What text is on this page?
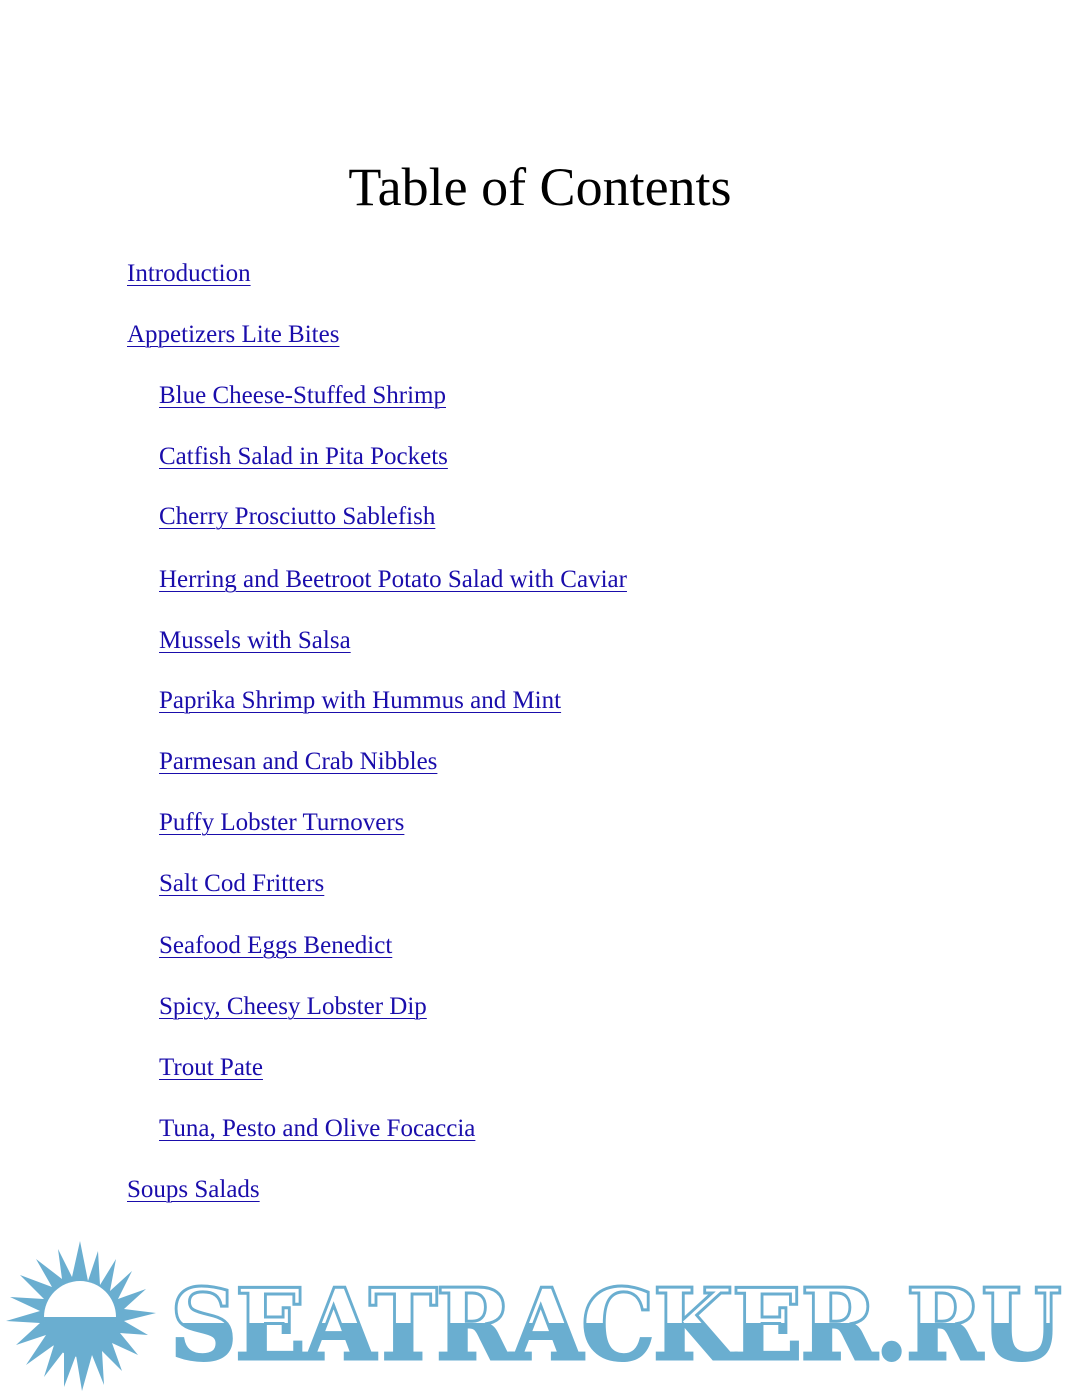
Table of Contents
Introduction
Appetizers Lite Bites
Blue Cheese-Stuffed Shrimp
Catfish Salad in Pita Pockets
Cherry Prosciutto Sablefish
Herring and Beetroot Potato Salad with Caviar
Mussels with Salsa
Paprika Shrimp with Hummus and Mint
Parmesan and Crab Nibbles
Puffy Lobster Turnovers
Salt Cod Fritters
Seafood Eggs Benedict
Spicy, Cheesy Lobster Dip
Trout Pate
Tuna, Pesto and Olive Focaccia
Soups Salads
SEATRACKER.RU
